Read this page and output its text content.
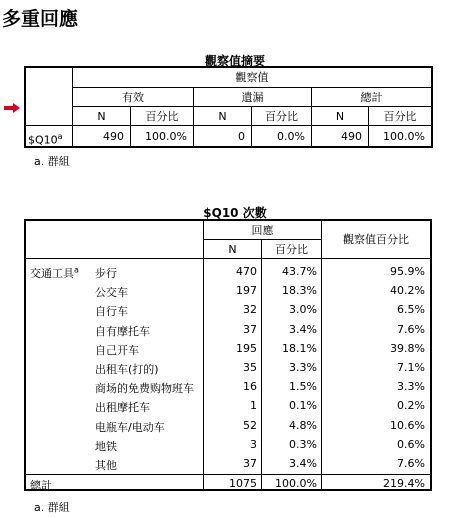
多重回應
觀察值摘要
觀察值
有效	遺漏	總計
N	百分比	N	百分比	N	百分比
$Q10$^a$	490	100.0%	0	0.0%	490	100.0%
a. 群組
$Q10 次數
回應
觀察值百分比
N	百分比
交通工具$^a$ 步行	470	43.7%	95.9%
公交车	197	18.3%	40.2%
自行车	32	3.0%	6.5%
自有摩托车	37	3.4%	7.6%
自己开车	195	18.1%	39.8%
出租车(打的)	35	3.3%	7.1%
商场的免费购物班车	16	1.5%	3.3%
出租摩托车	1	0.1%	0.2%
电瓶车/电动车	52	4.8%	10.6%
地铁	3	0.3%	0.6%
其他	37	3.4%	7.6%
總計	1075	100.0%	219.4%
a. 群組
